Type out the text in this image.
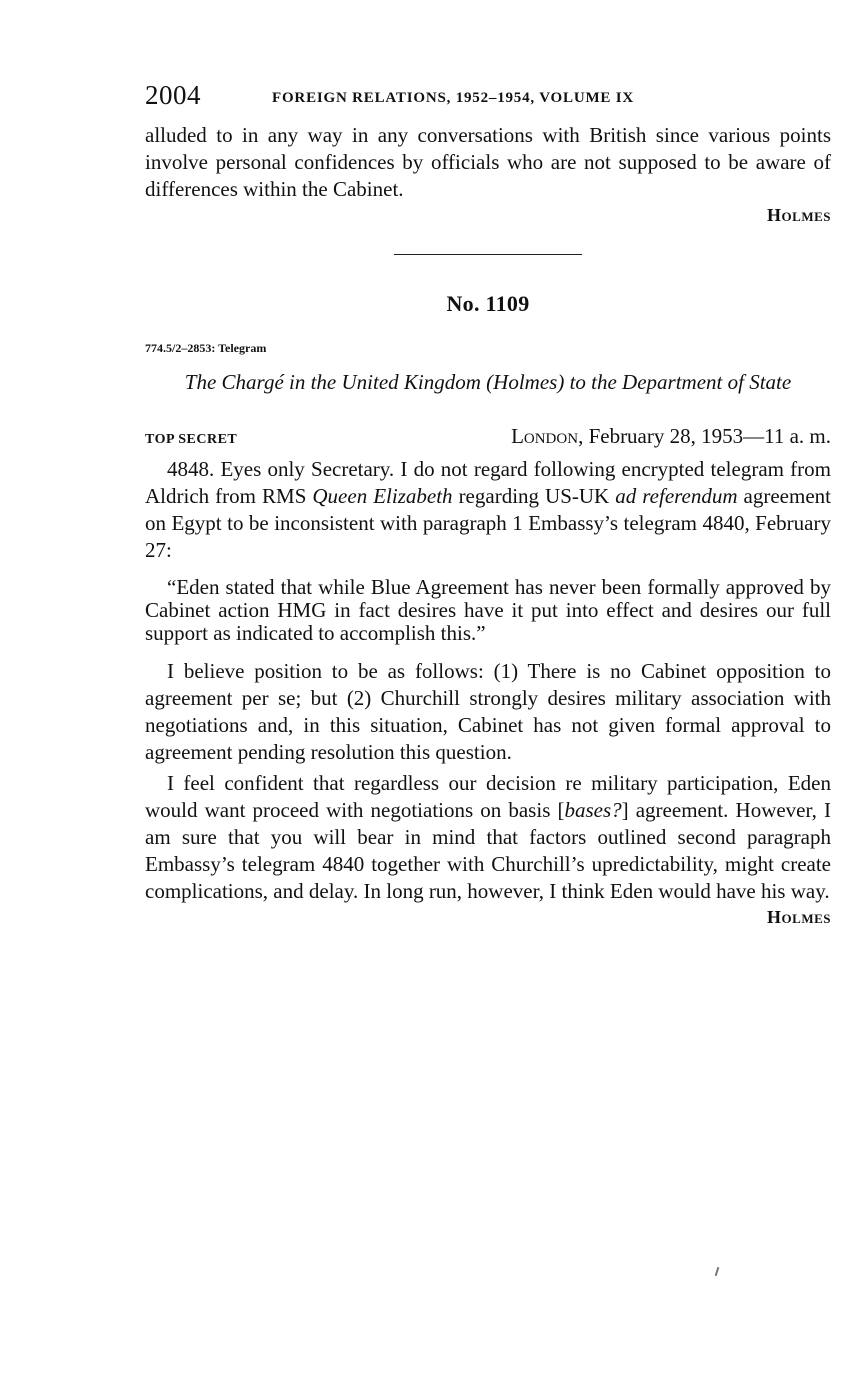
2004	FOREIGN RELATIONS, 1952–1954, VOLUME IX

alluded to in any way in any conversations with British since various points involve personal confidences by officials who are not supposed to be aware of differences within the Cabinet.

Holmes
No. 1109
774.5/2–2853: Telegram
The Chargé in the United Kingdom (Holmes) to the Department of State
TOP SECRET	London, February 28, 1953—11 a. m.

4848. Eyes only Secretary. I do not regard following encrypted telegram from Aldrich from RMS Queen Elizabeth regarding US-UK ad referendum agreement on Egypt to be inconsistent with paragraph 1 Embassy’s telegram 4840, February 27:

“Eden stated that while Blue Agreement has never been formally approved by Cabinet action HMG in fact desires have it put into effect and desires our full support as indicated to accomplish this.”

I believe position to be as follows: (1) There is no Cabinet opposition to agreement per se; but (2) Churchill strongly desires military association with negotiations and, in this situation, Cabinet has not given formal approval to agreement pending resolution this question.

I feel confident that regardless our decision re military participation, Eden would want proceed with negotiations on basis [bases?] agreement. However, I am sure that you will bear in mind that factors outlined second paragraph Embassy’s telegram 4840 together with Churchill’s upredictability, might create complications, and delay. In long run, however, I think Eden would have his way.

Holmes
